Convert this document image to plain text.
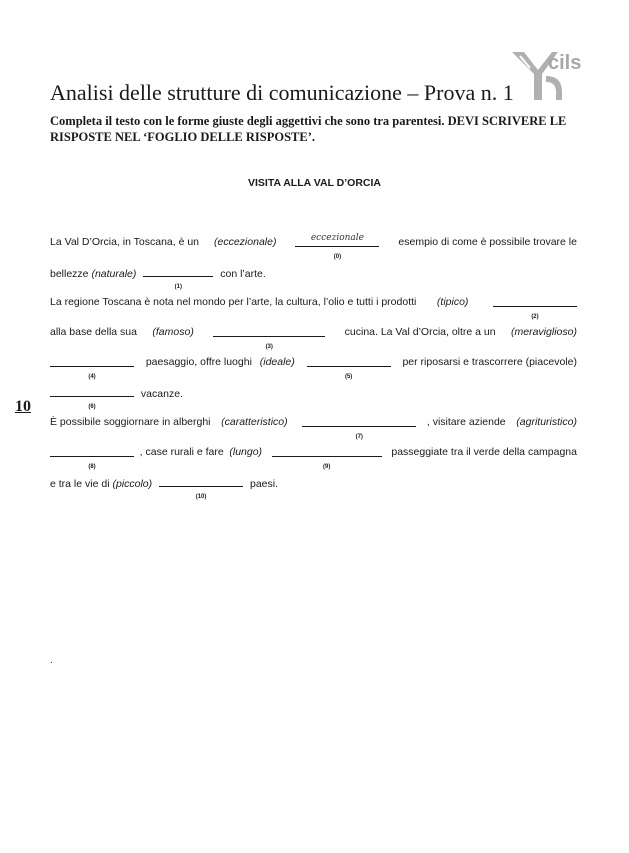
cils
Analisi delle strutture di comunicazione – Prova n. 1
Completa il testo con le forme giuste degli aggettivi che sono tra parentesi. DEVI SCRIVERE LE RISPOSTE NEL ‘FOGLIO DELLE RISPOSTE’.
VISITA ALLA VAL D’ORCIA
10
La Val D’Orcia, in Toscana, è un (eccezionale)	eccezionale
(0)
esempio di come è possibile trovare le
bellezze (naturale)
(1)
con l’arte.
La regione Toscana è nota nel mondo per l’arte, la cultura, l’olio e tutti i prodotti (tipico)
(2)
alla base della sua (famoso)
(3)
cucina. La Val d’Orcia, oltre a un (meraviglioso)
(4)
paesaggio, offre luoghi (ideale)
(5)
per riposarsi e trascorrere (piacevole)
(6)
vacanze.
È possibile soggiornare in alberghi (caratteristico)
(7)
, visitare aziende (agrituristico)
(8)
, case rurali e fare (lungo)
(9)
passeggiate tra il verde della campagna
e tra le vie di (piccolo)
(10)
paesi.
.
